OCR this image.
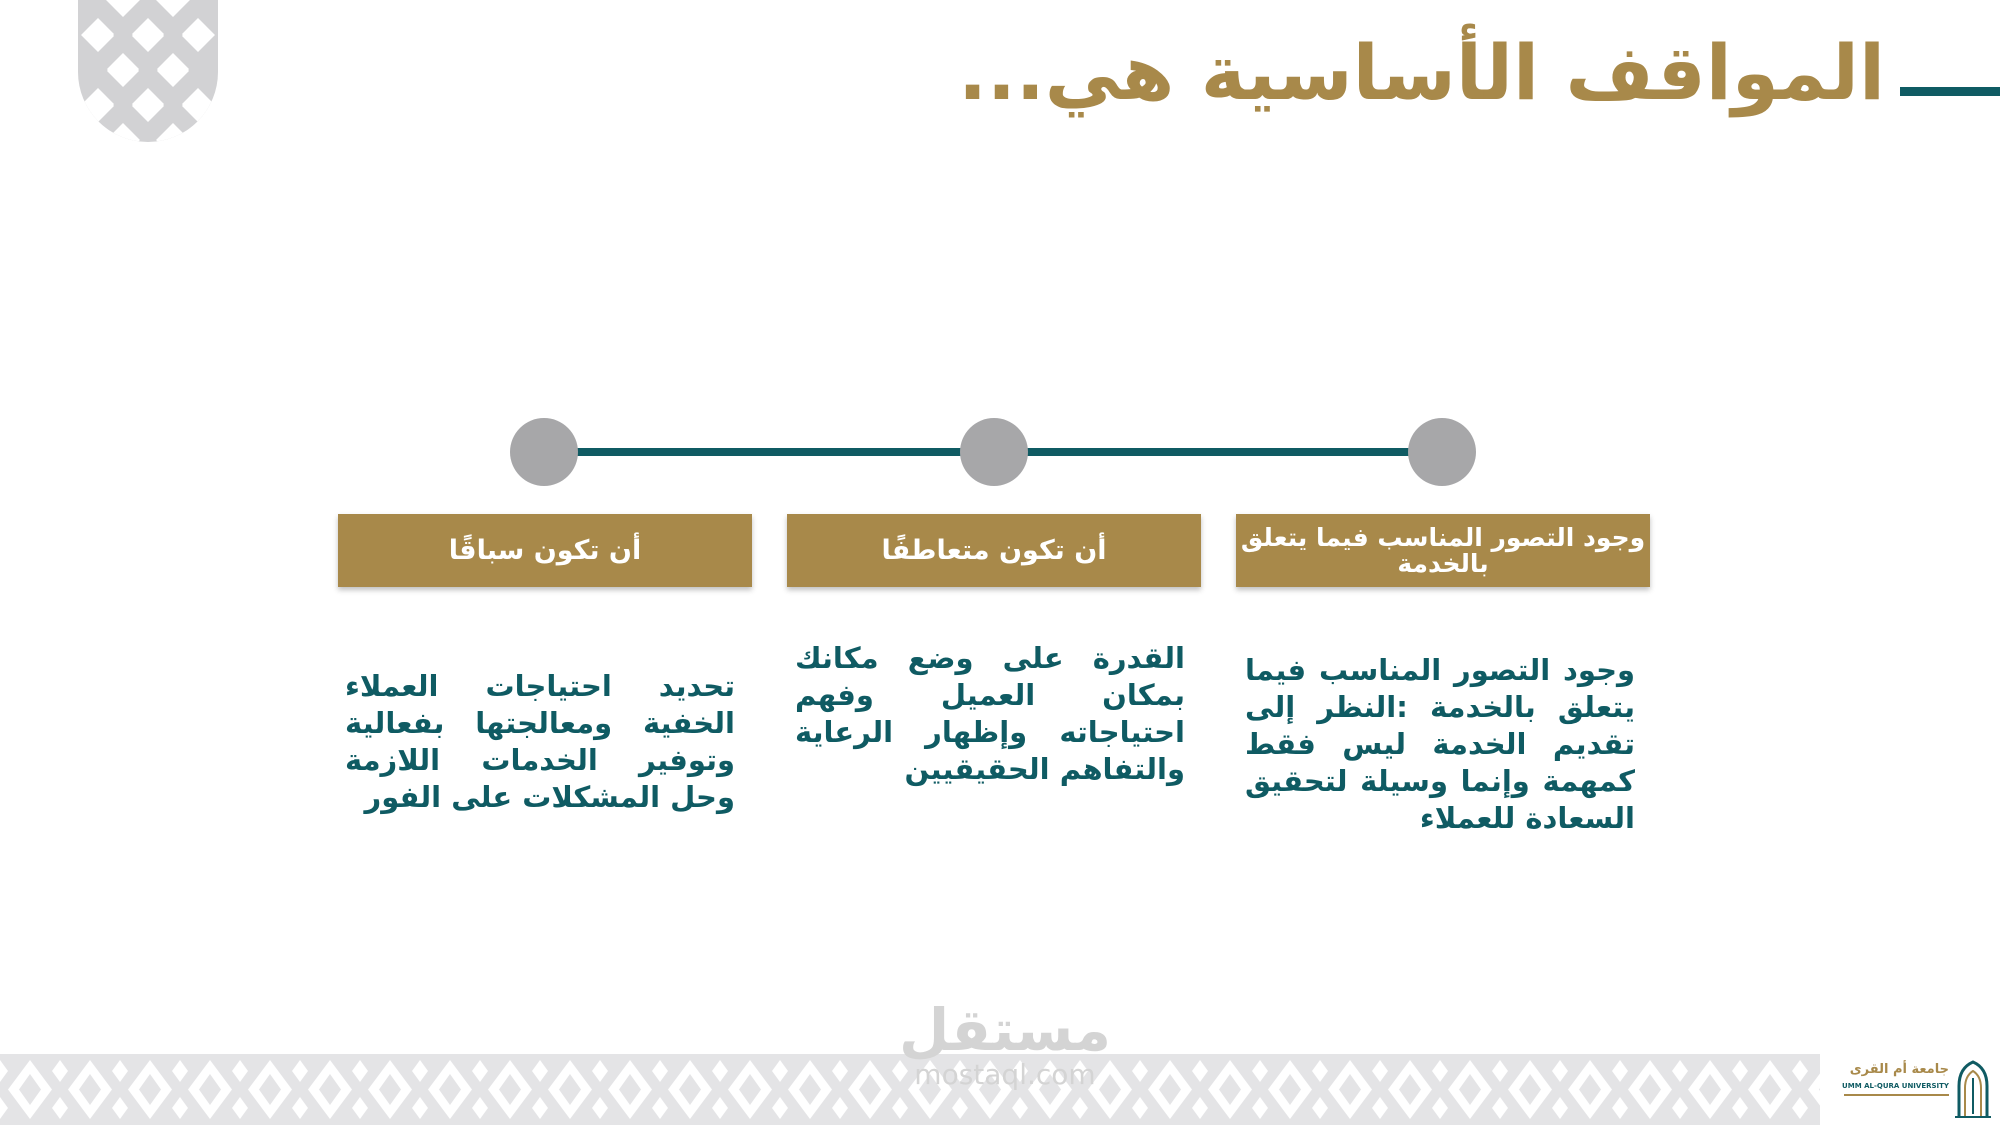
المواقف الأساسية هي...
أن تكون سباقًا	أن تكون متعاطفًا	وجود التصور المناسب فيما يتعلق بالخدمة
تحديد احتياجات العملاء الخفية ومعالجتها بفعالية وتوفير الخدمات اللازمة وحل المشكلات على الفور
القدرة على وضع مكانك بمكان العميل وفهم احتياجاته وإظهار الرعاية والتفاهم الحقيقيين
وجود التصور المناسب فيما يتعلق بالخدمة :النظر إلى تقديم الخدمة ليس فقط كمهمة وإنما وسيلة لتحقيق السعادة للعملاء
مستقل
mostaql.com	جامعة أم القرى
UMM AL-QURA UNIVERSITY
